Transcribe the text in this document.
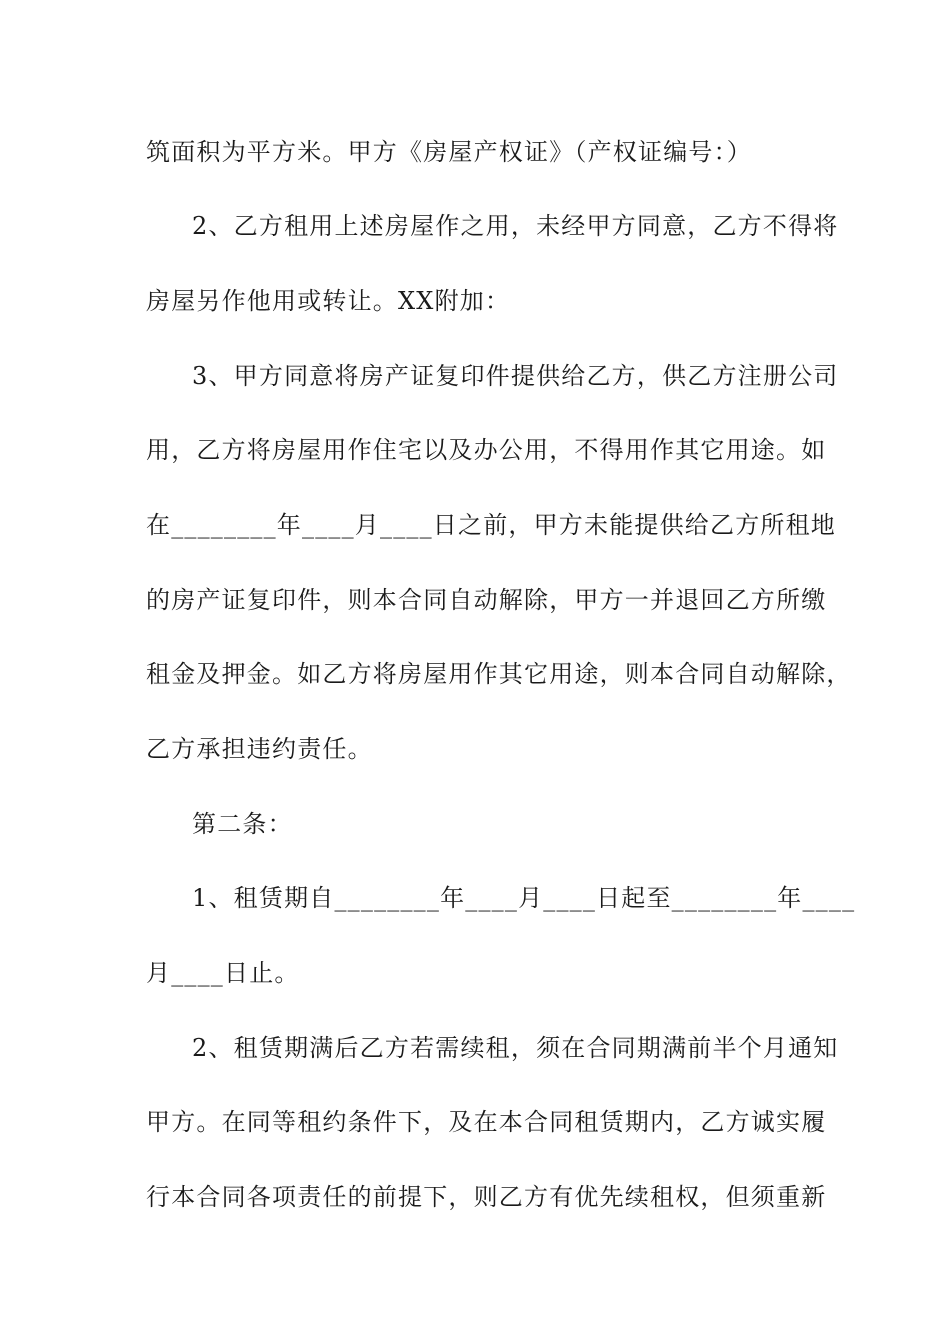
筑面积为平方米。甲方《房屋产权证》（产权证编号：）
2、乙方租用上述房屋作之用，未经甲方同意，乙方不得将
房屋另作他用或转让。XX附加：
3、甲方同意将房产证复印件提供给乙方，供乙方注册公司
用，乙方将房屋用作住宅以及办公用，不得用作其它用途。如
在________年____月____日之前，甲方未能提供给乙方所租地
的房产证复印件，则本合同自动解除，甲方一并退回乙方所缴
租金及押金。如乙方将房屋用作其它用途，则本合同自动解除，
乙方承担违约责任。
第二条：
1、租赁期自________年____月____日起至________年____
月____日止。
2、租赁期满后乙方若需续租，须在合同期满前半个月通知
甲方。在同等租约条件下，及在本合同租赁期内，乙方诚实履
行本合同各项责任的前提下，则乙方有优先续租权，但须重新
